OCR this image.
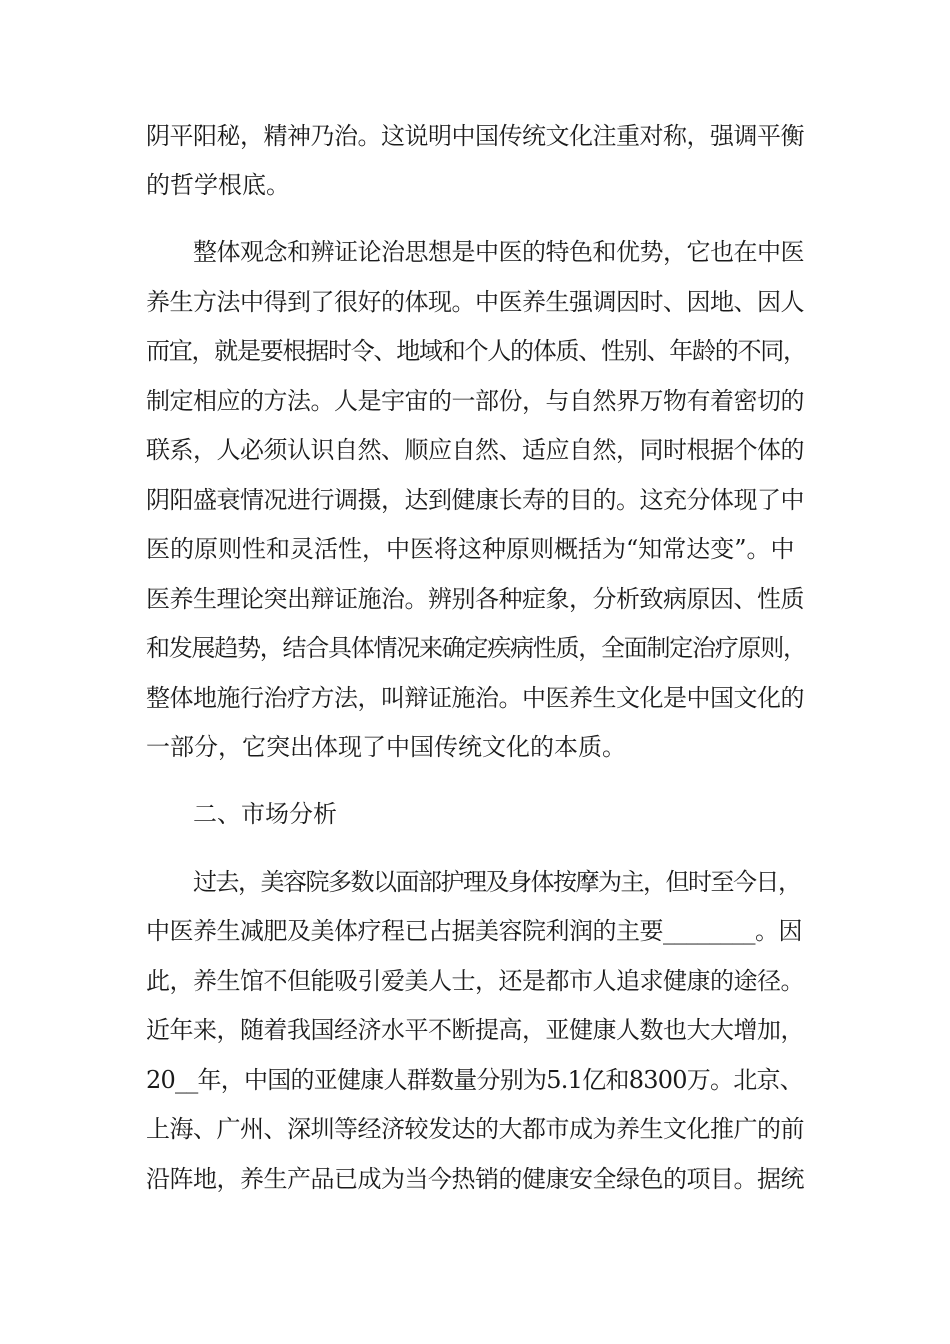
阴平阳秘，精神乃治。这说明中国传统文化注重对称，强调平衡
的哲学根底。
整体观念和辨证论治思想是中医的特色和优势，它也在中医
养生方法中得到了很好的体现。中医养生强调因时、因地、因人
而宜，就是要根据时令、地域和个人的体质、性别、年龄的不同，
制定相应的方法。人是宇宙的一部份，与自然界万物有着密切的
联系，人必须认识自然、顺应自然、适应自然，同时根据个体的
阴阳盛衰情况进行调摄，达到健康长寿的目的。这充分体现了中
医的原则性和灵活性，中医将这种原则概括为“知常达变”。中
医养生理论突出辩证施治。辨别各种症象，分析致病原因、性质
和发展趋势，结合具体情况来确定疾病性质，全面制定治疗原则，
整体地施行治疗方法，叫辩证施治。中医养生文化是中国文化的
一部分，它突出体现了中国传统文化的本质。
二、市场分析
过去，美容院多数以面部护理及身体按摩为主，但时至今日，
中医养生减肥及美体疗程已占据美容院利润的主要________。因
此，养生馆不但能吸引爱美人士，还是都市人追求健康的途径。
近年来，随着我国经济水平不断提高，亚健康人数也大大增加，
20__年，中国的亚健康人群数量分别为5.1亿和8300万。北京、
上海、广州、深圳等经济较发达的大都市成为养生文化推广的前
沿阵地，养生产品已成为当今热销的健康安全绿色的项目。据统
